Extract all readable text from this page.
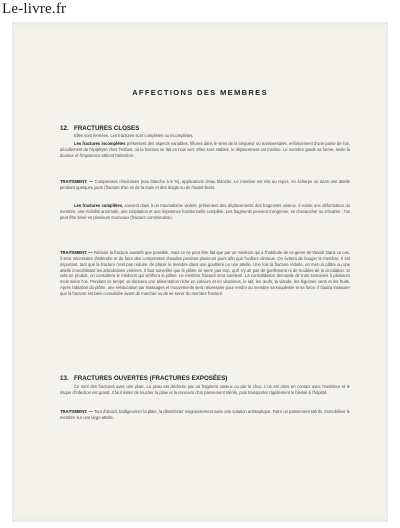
Le-livre.fr
AFFECTIONS DES MEMBRES
12. FRACTURES CLOSES

Elles sont fermées. Les fractures sont complètes ou incomplètes.

Les fractures incomplètes présentent des aspects variables, fêlures dans le sens de la longueur ou transversales, enfoncement d'une partie de l'os, décollement de l'épiphyse chez l'enfant, où la fracture se fait en bois vert. Elles sont stables, le déplacement est minime. Le membre garde sa forme, seule la douleur et l'impotence attirent l'attention.

TRAITEMENT. — Compresses résolutives (eau blanche à 5 %), applications d'eau blanche. Le membre est mis au repos, en écharpe ou dans une attelle pendant quelques jours (fracture d'un os de la main et des doigts ou de l'avant-bras).

Les fractures complètes, souvent dues à un traumatisme violent, présentent des déplacements des fragments osseux. Il existe une déformation du membre, une mobilité anormale, une crépitation et une impotence fonctionnelle complète. Les fragments peuvent s'engrener, se chevaucher ou s'écarter ; l'os peut être brisé en plusieurs morceaux (fracture comminutive).

TRAITEMENT. — Réduire la fracture aussitôt que possible, mais ce ne peut être fait que par un médecin qui a l'habitude de ce genre de travail. Dans ce cas, il sera nécessaire d'attendre et de faire des compresses chaudes pendant plusieurs jours afin que l'enflure diminue. On évitera de bouger le membre. Il est important, tant que la fracture n'est pas réduite, de placer le membre dans une gouttière ou une attelle. Une fois la fracture réduite, on met un plâtre ou une attelle immobilisant les articulations voisines. Il faut surveiller que le plâtre ne serre pas trop, qu'il n'y ait pas de gonflement ni de troubles de la circulation. Si cela se produit, on consultera le médecin qui vérifiera le plâtre. Le membre fracturé sera surélevé. La consolidation demande de trois semaines à plusieurs mois selon l'os. Pendant ce temps on donnera une alimentation riche en calcium et en vitamines, le lait, les œufs, la viande, les légumes verts et les fruits. Après l'ablation du plâtre, une rééducation par massages et mouvements sera nécessaire pour rendre au membre sa souplesse et sa force. Il faudra s'assurer que la fracture est bien consolidée avant de marcher ou de se servir du membre fracturé.

13. FRACTURES OUVERTES (FRACTURES EXPOSÉES)

Ce sont des fractures avec une plaie. La peau est déchirée par un fragment osseux ou par le choc. L'os est alors en contact avec l'extérieur et le risque d'infection est grand. Il faut éviter de toucher la plaie et la recouvrir d'un pansement stérile, puis transporter rapidement le blessé à l'hôpital.

TRAITEMENT. — Tout d'abord, badigeonner la plaie, la désinfecter soigneusement avec une solution antiseptique. Faire un pansement stérile. Immobiliser le membre sur une large attelle.
